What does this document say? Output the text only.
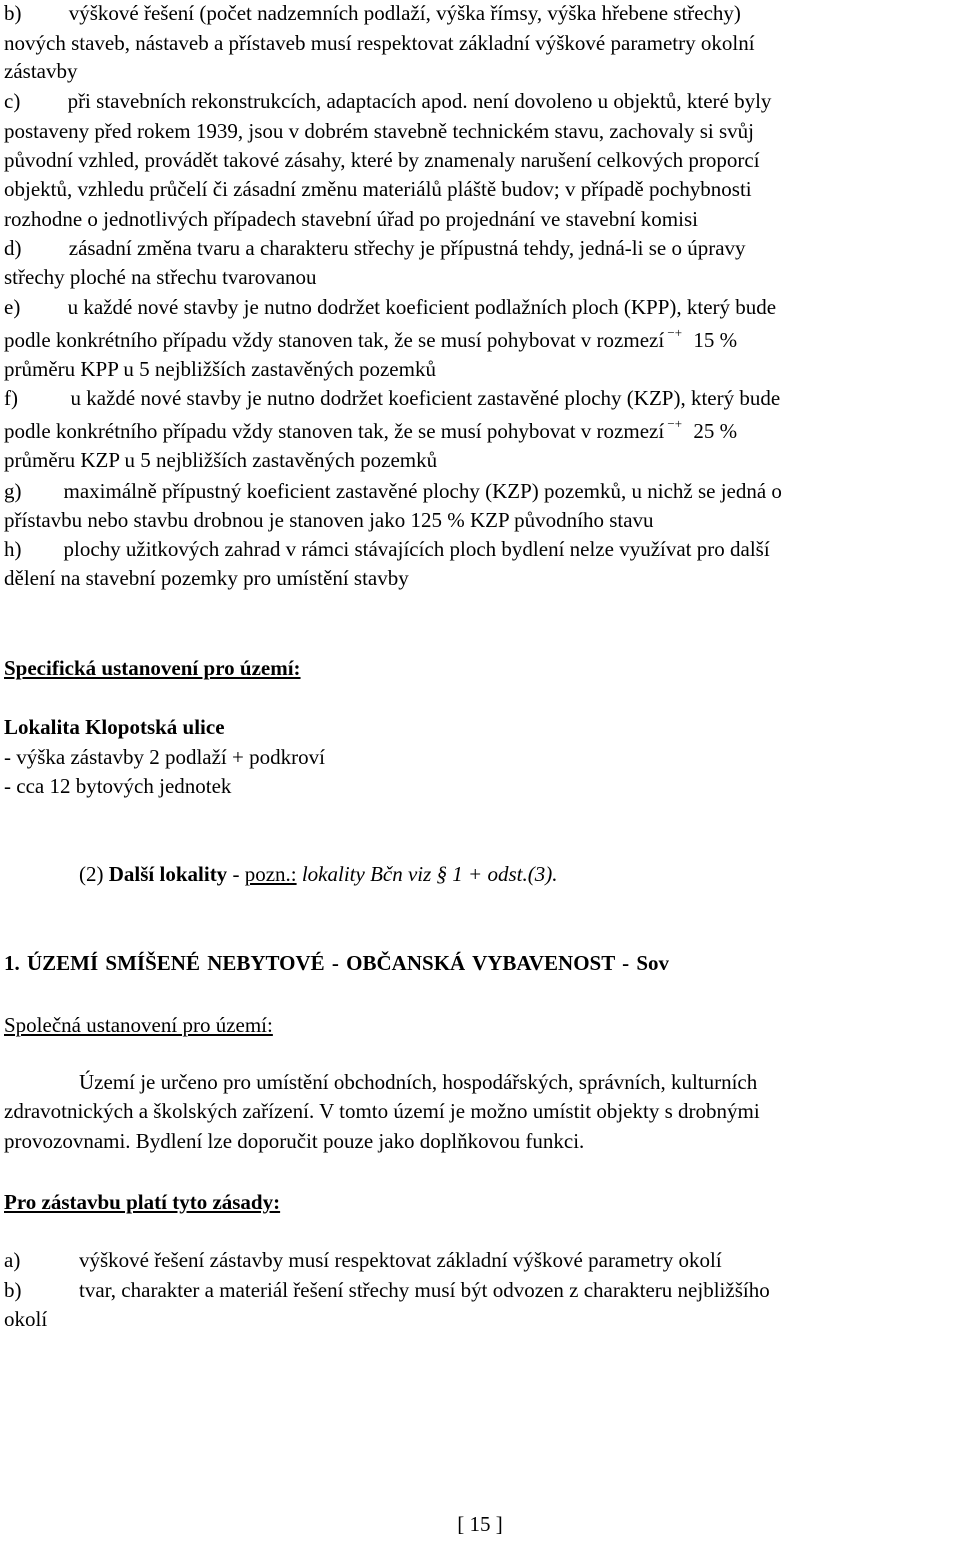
b)         výškové řešení (počet nadzemních podlaží, výška římsy, výška hřebene střechy)
nových staveb, nástaveb a přístaveb musí respektovat základní výškové parametry okolní
zástavby
c)         při stavebních rekonstrukcích, adaptacích apod. není dovoleno u objektů, které byly
postaveny před rokem 1939, jsou v dobrém stavebně technickém stavu, zachovaly si svůj
původní vzhled, provádět takové zásahy, které by znamenaly narušení celkových proporcí
objektů, vzhledu průčelí či zásadní změnu materiálů pláště budov; v případě pochybnosti
rozhodne o jednotlivých případech stavební úřad po projednání ve stavební komisi
d)         zásadní změna tvaru a charakteru střechy je přípustná tehdy, jedná-li se o úpravy
střechy ploché na střechu tvarovanou
e)         u každé nové stavby je nutno dodržet koeficient podlažních ploch (KPP), který bude
podle konkrétního případu vždy stanoven tak, že se musí pohybovat v rozmezí −+ 15 %
průměru KPP u 5 nejbližších zastavěných pozemků
f)          u každé nové stavby je nutno dodržet koeficient zastavěné plochy (KZP), který bude
podle konkrétního případu vždy stanoven tak, že se musí pohybovat v rozmezí −+ 25 %
průměru KZP u 5 nejbližších zastavěných pozemků
g)        maximálně přípustný koeficient zastavěné plochy (KZP) pozemků, u nichž se jedná o
přístavbu nebo stavbu drobnou je stanoven jako 125 % KZP původního stavu
h)        plochy užitkových zahrad v rámci stávajících ploch bydlení nelze využívat pro další
dělení na stavební pozemky pro umístění stavby
Specifická ustanovení pro území:
Lokalita Klopotská ulice
- výška zástavby 2 podlaží + podkroví
- cca 12 bytových jednotek
(2) Další lokality - pozn.: lokality Bčn viz § 1 + odst.(3).
1. ÚZEMÍ SMÍŠENÉ NEBYTOVÉ - OBČANSKÁ VYBAVENOST - Sov
Společná ustanovení pro území:
Území je určeno pro umístění obchodních, hospodářských, správních, kulturních
zdravotnických a školských zařízení. V tomto území je možno umístit objekty s drobnými
provozovnami. Bydlení lze doporučit pouze jako doplňkovou funkci.
Pro zástavbu platí tyto zásady:
a)	výškové řešení zástavby musí respektovat základní výškové parametry okolí
b)	tvar, charakter a materiál řešení střechy musí být odvozen z charakteru nejbližšího
okolí
[ 15 ]
